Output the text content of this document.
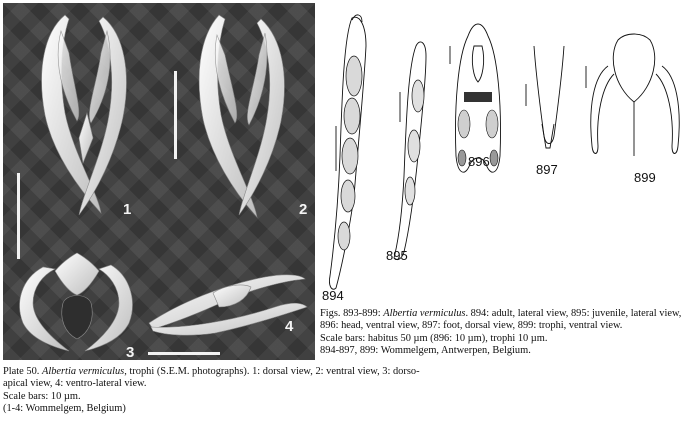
1	2
3
4
894
895
896
897
899
Figs. 893-899: Albertia vermiculus. 894: adult, lateral view, 895: juvenile, lateral view,
896: head, ventral view, 897: foot, dorsal view, 899: trophi, ventral view.
Scale bars: habitus 50 µm (896: 10 µm), trophi 10 µm.
894-897, 899: Wommelgem, Antwerpen, Belgium.
Plate 50. Albertia vermiculus, trophi (S.E.M. photographs). 1: dorsal view, 2: ventral view, 3: dorso-
apical view, 4: ventro-lateral view.
Scale bars: 10 µm.
(1-4: Wommelgem, Belgium)
